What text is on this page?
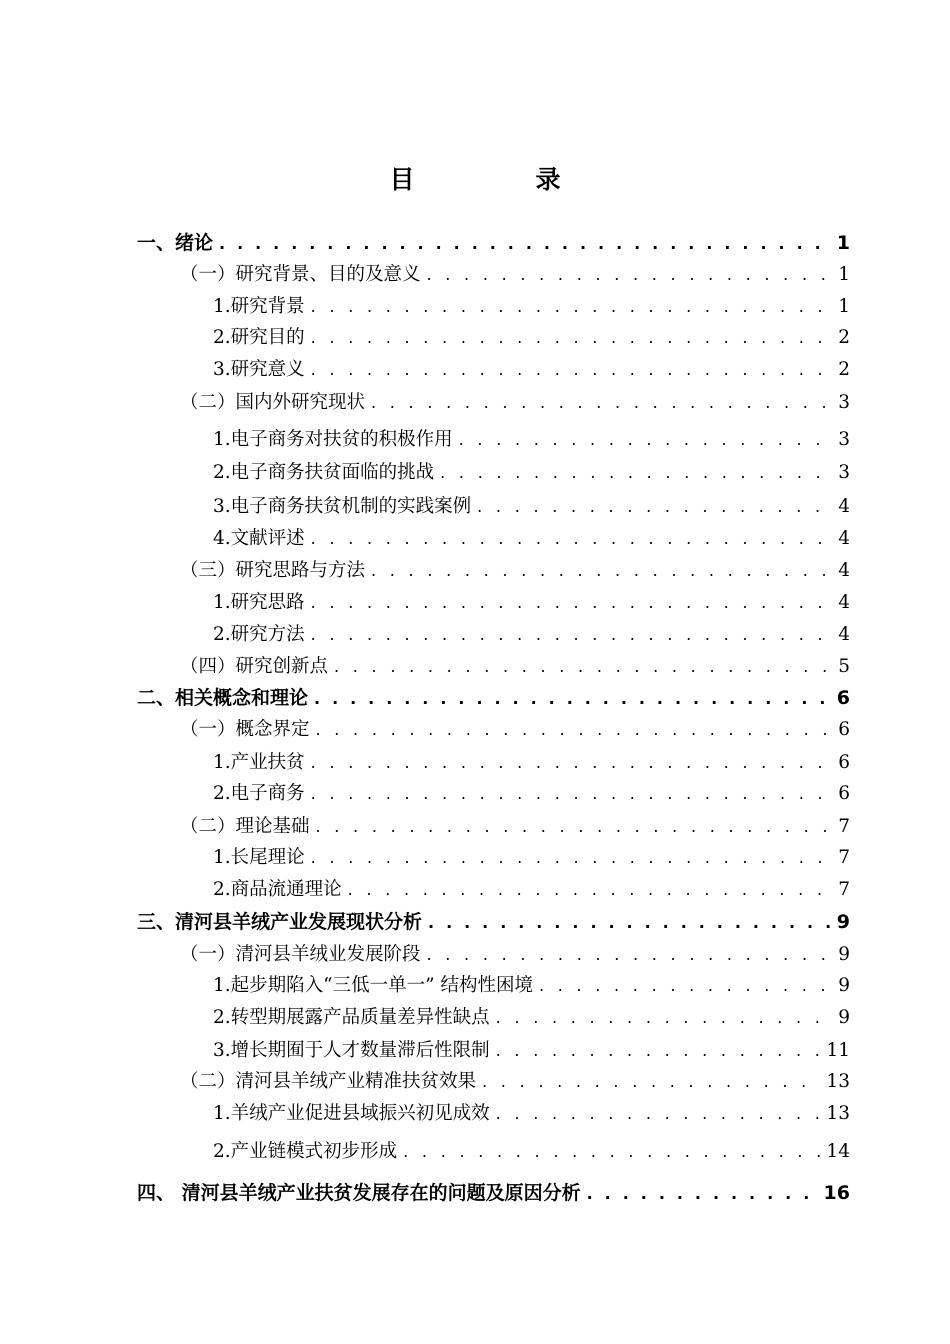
目　录
一、绪论 . . .	1
（一）研究背景、目的及意义 . . .	1
1.研究背景 . . .	1
2.研究目的 . . .	2
3.研究意义 . . .	2
（二）国内外研究现状 . . .	3
1.电子商务对扶贫的积极作用 . . .	3
2.电子商务扶贫面临的挑战 . . .	3
3.电子商务扶贫机制的实践案例 . . .	4
4.文献评述 . . .	4
（三）研究思路与方法 . . .	4
1.研究思路 . . .	4
2.研究方法 . . .	4
（四）研究创新点 . . .	5
二、相关概念和理论 . . .	6
（一）概念界定 . . .	6
1.产业扶贫 . . .	6
2.电子商务 . . .	6
（二）理论基础 . . .	7
1.长尾理论 . . .	7
2.商品流通理论 . . .	7
三、清河县羊绒产业发展现状分析 . . .	9
（一）清河县羊绒业发展阶段 . . .	9
1.起步期陷入“三低一单一” 结构性困境 . . .	9
2.转型期展露产品质量差异性缺点 . . .	9
3.增长期囿于人才数量滞后性限制 . . .	11
（二）清河县羊绒产业精准扶贫效果 . . .	13
1.羊绒产业促进县域振兴初见成效 . . .	13
2.产业链模式初步形成 . . .	14
四、 清河县羊绒产业扶贫发展存在的问题及原因分析 . . .	16
